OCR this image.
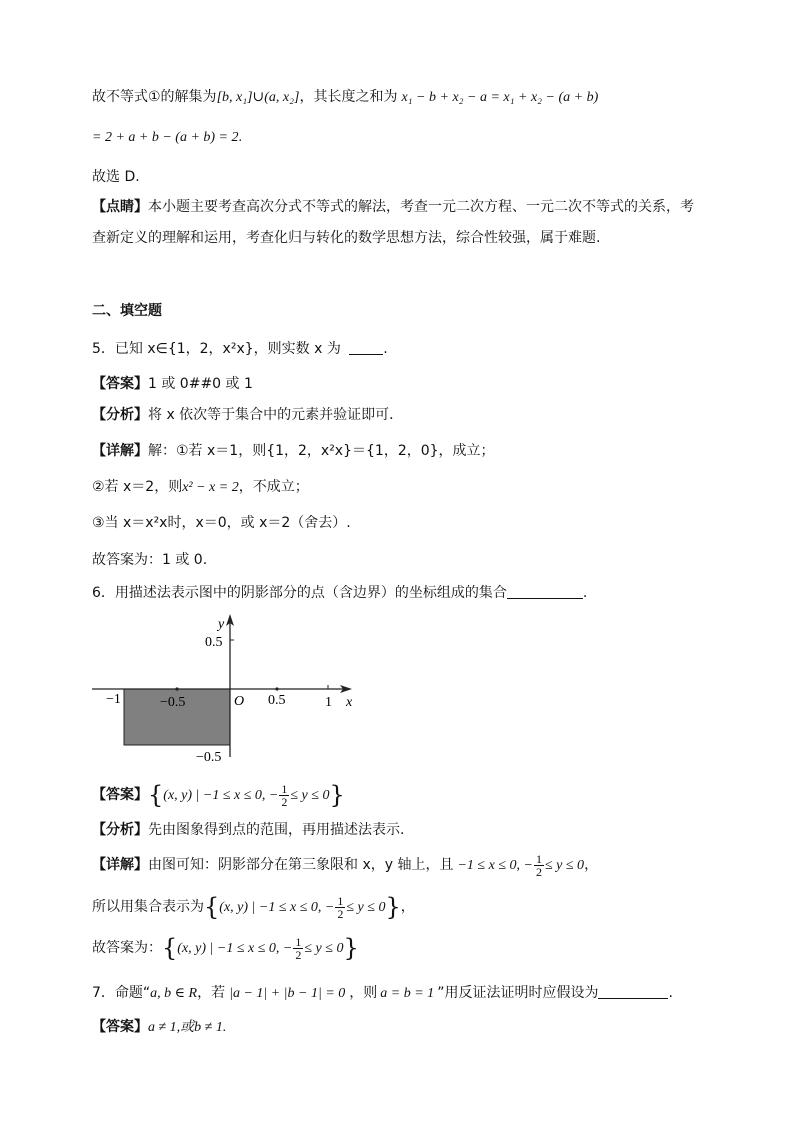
故不等式①的解集为[b, x₁]∪(a, x₂]，其长度之和为 x₁ − b + x₂ − a = x₁ + x₂ − (a + b)
= 2 + a + b − (a + b) = 2.
故选 D.
【点睛】本小题主要考查高次分式不等式的解法，考查一元二次方程、一元二次不等式的关系，考
查新定义的理解和运用，考查化归与转化的数学思想方法，综合性较强，属于难题.
二、填空题
5．已知 x∈{1，2，x²x}，则实数 x 为	.
【答案】1 或 0##0 或 1
【分析】将 x 依次等于集合中的元素并验证即可．
【详解】解：①若 x＝1，则{1，2，x²x}＝{1，2，0}，成立；
②若 x＝2，则x² − x = 2，不成立；
③当 x＝x²x时，x＝0，或 x＝2（舍去）.
故答案为：1 或 0.
6．用描述法表示图中的阴影部分的点（含边界）的坐标组成的集合	.
y
x
O
0.5
−0.5
−1	−0.5	0.5	1
【答案】{(x, y) | −1 ≤ x ≤ 0, − $\frac{1}{2} \le y \le 0$}
【分析】先由图象得到点的范围，再用描述法表示.
【详解】由图可知：阴影部分在第三象限和 x，y 轴上，且 −1 ≤ x ≤ 0, − $\frac{1}{2} \le y \le 0$，
所以用集合表示为{(x, y) | −1 ≤ x ≤ 0, − $\frac{1}{2} \le y \le 0$}，
故答案为：{(x, y) | −1 ≤ x ≤ 0, − $\frac{1}{2} \le y \le 0$}
7．命题“a, b ∈ R，若 |a − 1| + |b − 1| = 0 ，则 a = b = 1 ”用反证法证明时应假设为	.
【答案】a ≠ 1,或b ≠ 1.
